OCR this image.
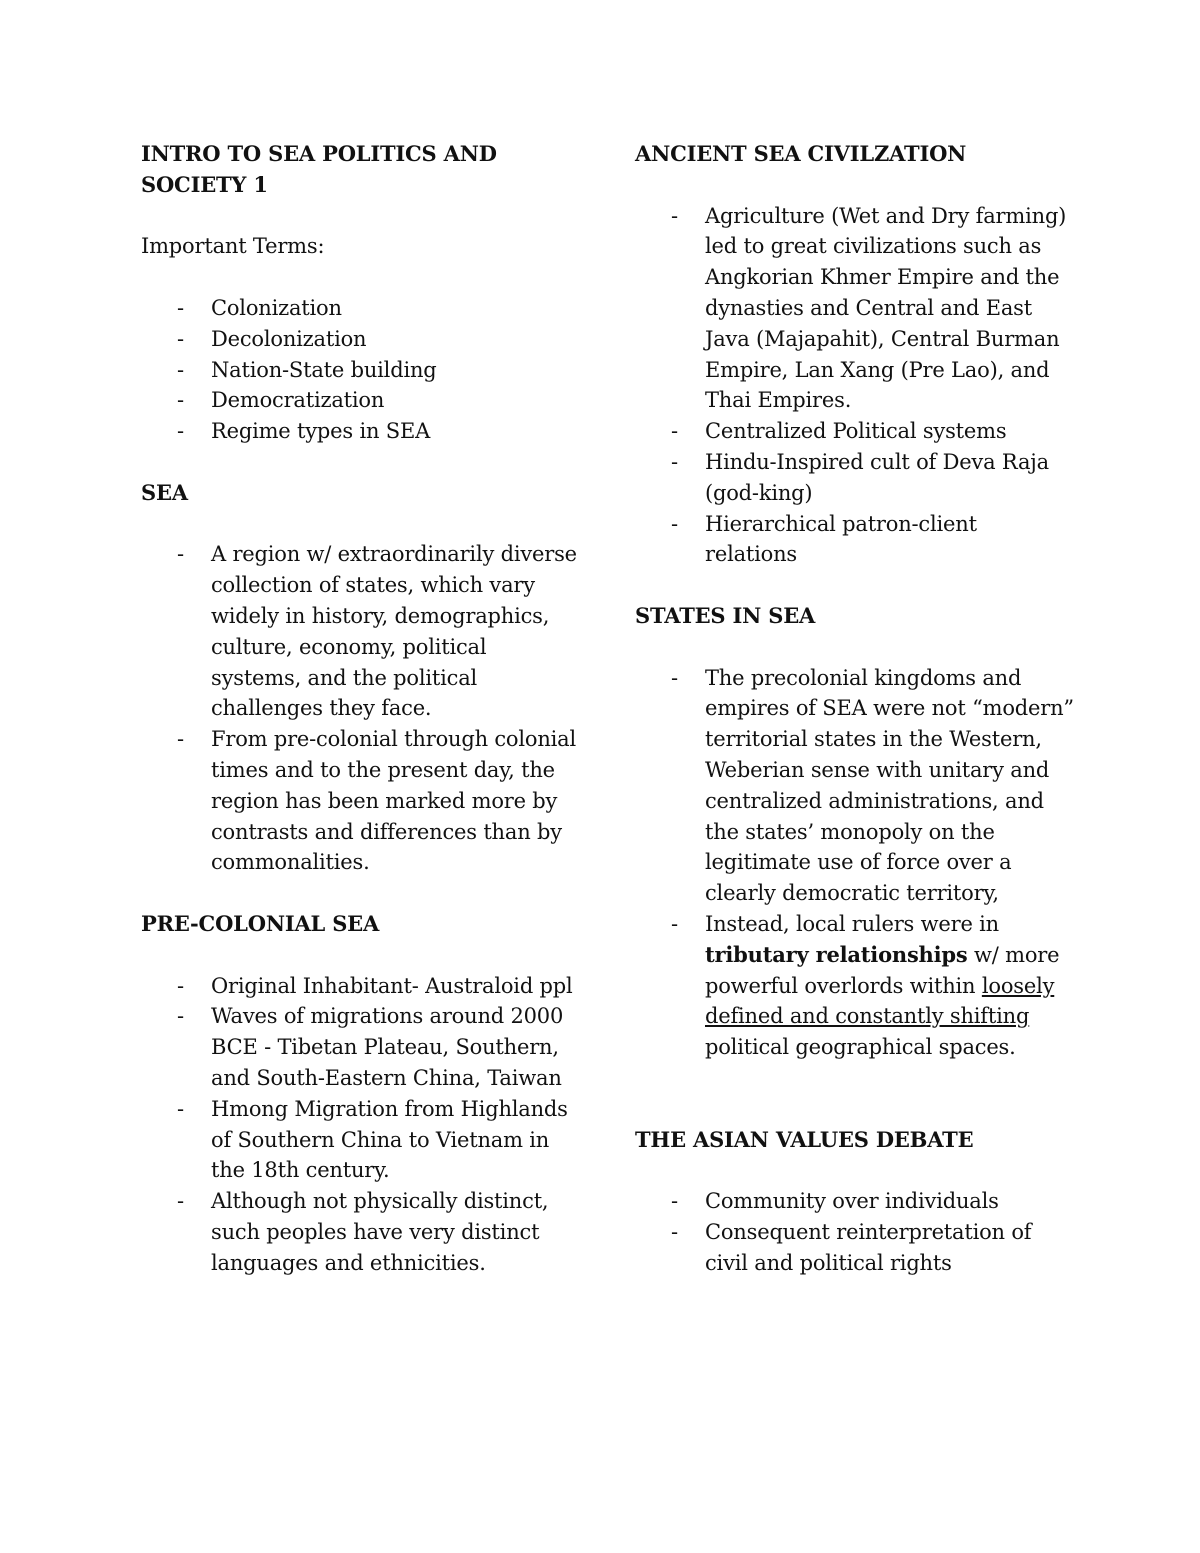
INTRO TO SEA POLITICS AND SOCIETY 1

Important Terms:

- Colonization
- Decolonization
- Nation-State building
- Democratization
- Regime types in SEA
SEA
- A region w/ extraordinarily diverse collection of states, which vary widely in history, demographics, culture, economy, political systems, and the political challenges they face.
- From pre-colonial through colonial times and to the present day, the region has been marked more by contrasts and differences than by commonalities.
PRE-COLONIAL SEA
- Original Inhabitant- Australoid ppl
- Waves of migrations around 2000 BCE - Tibetan Plateau, Southern, and South-Eastern China, Taiwan
- Hmong Migration from Highlands of Southern China to Vietnam in the 18th century.
- Although not physically distinct, such peoples have very distinct languages and ethnicities.
ANCIENT SEA CIVILZATION
- Agriculture (Wet and Dry farming) led to great civilizations such as Angkorian Khmer Empire and the dynasties and Central and East Java (Majapahit), Central Burman Empire, Lan Xang (Pre Lao), and Thai Empires.
- Centralized Political systems
- Hindu-Inspired cult of Deva Raja (god-king)
- Hierarchical patron-client relations
STATES IN SEA
- The precolonial kingdoms and empires of SEA were not “modern” territorial states in the Western, Weberian sense with unitary and centralized administrations, and the states’ monopoly on the legitimate use of force over a clearly democratic territory,
- Instead, local rulers were in tributary relationships w/ more powerful overlords within loosely defined and constantly shifting political geographical spaces.
THE ASIAN VALUES DEBATE
- Community over individuals
- Consequent reinterpretation of civil and political rights
